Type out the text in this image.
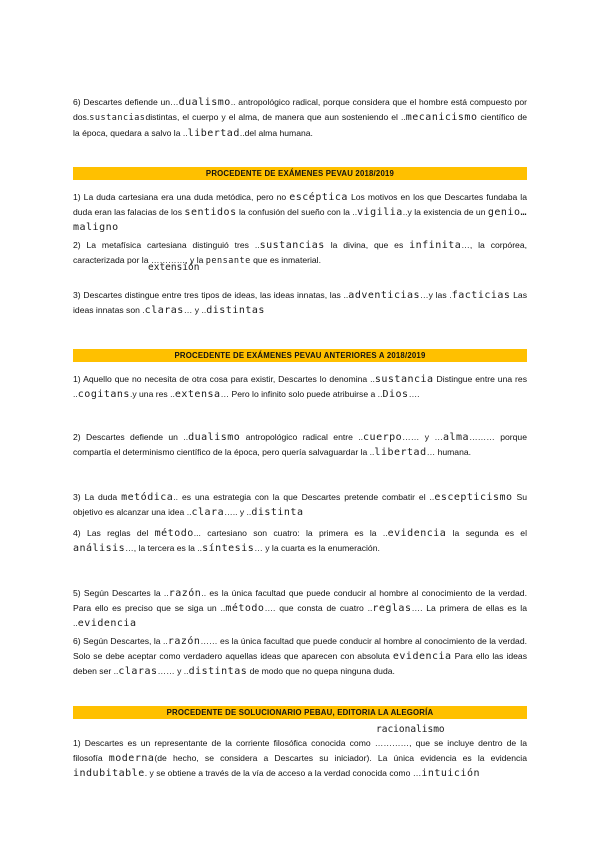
6) Descartes defiende un…dualismo.. antropológico radical, porque considera que el hombre está compuesto por dos.sustanciasdistintas, el cuerpo y el alma, de manera que aun sosteniendo el ..mecanicismo científico de la época, quedara a salvo la ..libertad..del alma humana.

PROCEDENTE DE EXÁMENES PEVAU 2018/2019

1) La duda cartesiana era una duda metódica, pero no escéptica Los motivos en los que Descartes fundaba la duda eran las falacias de los sentidos la confusión del sueño con la ..vigilia..y la existencia de un genio…maligno

2) La metafísica cartesiana distinguió tres ..sustancias la divina, que es infinita…, la corpórea, caracterizada por la …………, y la pensante que es inmaterial.

extensión

3) Descartes distingue entre tres tipos de ideas, las ideas innatas, las ..adventicias…y las .facticias Las ideas innatas son .claras… y ..distintas

PROCEDENTE DE EXÁMENES PEVAU ANTERIORES A 2018/2019

1) Aquello que no necesita de otra cosa para existir, Descartes lo denomina ..sustancia Distingue entre una res ..cogitans.y una res ..extensa… Pero lo infinito solo puede atribuirse a ..Dios….

2) Descartes defiende un ..dualismo antropológico radical entre ..cuerpo…… y …alma……… porque compartía el determinismo científico de la época, pero quería salvaguardar la ..libertad… humana.

3) La duda metódica.. es una estrategia con la que Descartes pretende combatir el ..escepticismo Su objetivo es alcanzar una idea ..clara….. y ..distinta

4) Las reglas del método... cartesiano son cuatro: la primera es la ..evidencia la segunda es el análisis…, la tercera es la ..síntesis… y la cuarta es la enumeración.

5) Según Descartes la ..razón.. es la única facultad que puede conducir al hombre al conocimiento de la verdad. Para ello es preciso que se siga un ..método…. que consta de cuatro ..reglas…. La primera de ellas es la ..evidencia

6) Según Descartes, la ..razón…… es la única facultad que puede conducir al hombre al conocimiento de la verdad. Solo se debe aceptar como verdadero aquellas ideas que aparecen con absoluta evidencia Para ello las ideas deben ser ..claras…… y ..distintas de modo que no quepa ninguna duda.

PROCEDENTE DE SOLUCIONARIO PEBAU, EDITORIA LA ALEGORÍA
racionalismo

1) Descartes es un representante de la corriente filosófica conocida como …………, que se incluye dentro de la filosofía moderna(de hecho, se considera a Descartes su iniciador). La única evidencia es la evidencia indubitable. y se obtiene a través de la vía de acceso a la verdad conocida como …intuición
